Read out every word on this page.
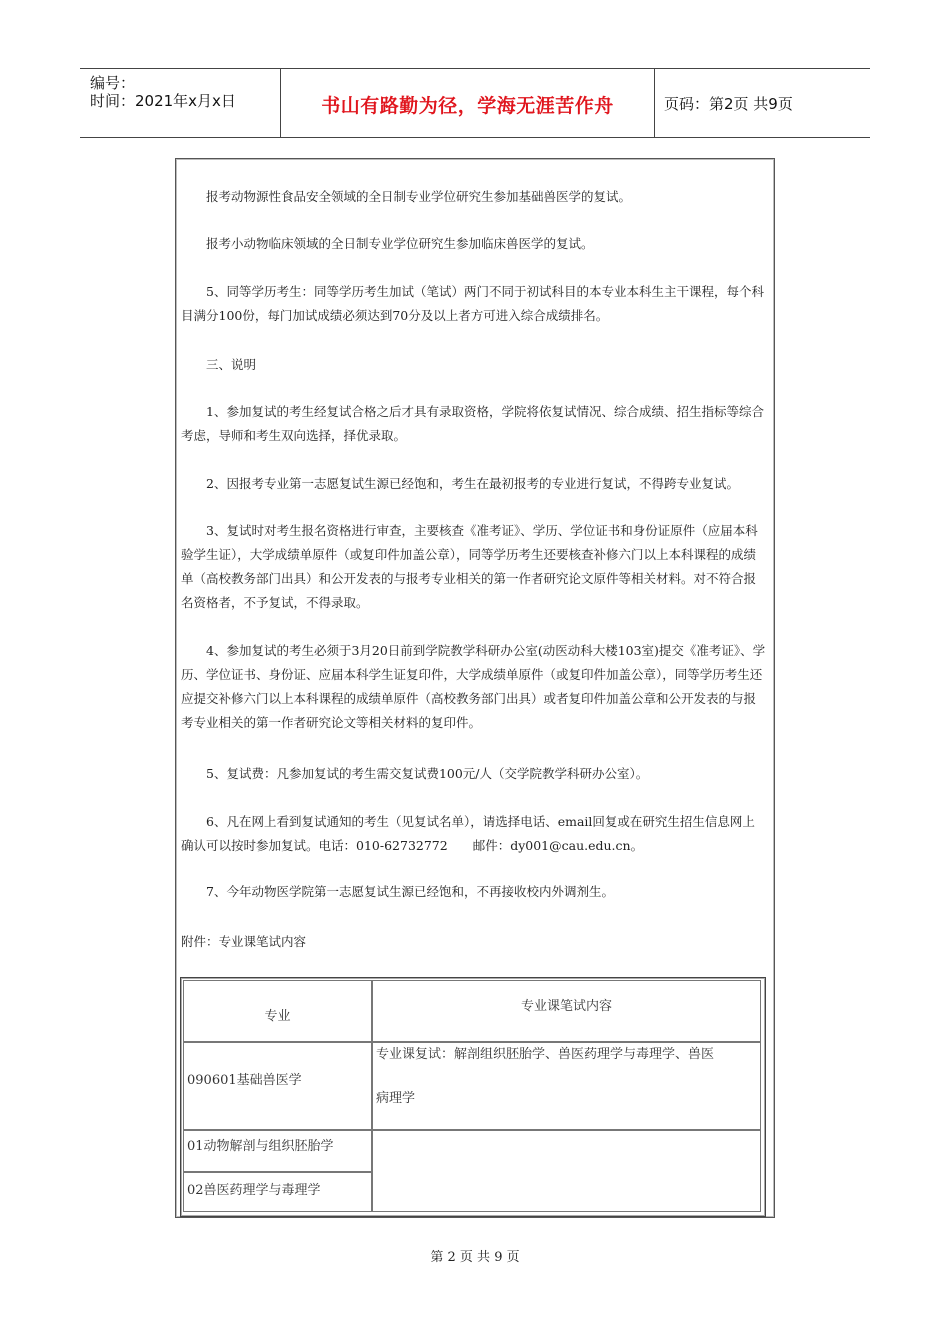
编号：
时间：2021年x月x日	书山有路勤为径，学海无涯苦作舟	页码：第2页 共9页

报考动物源性食品安全领域的全日制专业学位研究生参加基础兽医学的复试。

报考小动物临床领域的全日制专业学位研究生参加临床兽医学的复试。

5、同等学历考生：同等学历考生加试（笔试）两门不同于初试科目的本专业本科生主干课程，每个科目满分100份，每门加试成绩必须达到70分及以上者方可进入综合成绩排名。

三、说明

1、参加复试的考生经复试合格之后才具有录取资格，学院将依复试情况、综合成绩、招生指标等综合考虑，导师和考生双向选择，择优录取。

2、因报考专业第一志愿复试生源已经饱和，考生在最初报考的专业进行复试，不得跨专业复试。

3、复试时对考生报名资格进行审查，主要核查《准考证》、学历、学位证书和身份证原件（应届本科验学生证），大学成绩单原件（或复印件加盖公章），同等学历考生还要核查补修六门以上本科课程的成绩单（高校教务部门出具）和公开发表的与报考专业相关的第一作者研究论文原件等相关材料。对不符合报名资格者，不予复试，不得录取。

4、参加复试的考生必须于3月20日前到学院教学科研办公室(动医动科大楼103室)提交《准考证》、学历、学位证书、身份证、应届本科学生证复印件，大学成绩单原件（或复印件加盖公章），同等学历考生还应提交补修六门以上本科课程的成绩单原件（高校教务部门出具）或者复印件加盖公章和公开发表的与报考专业相关的第一作者研究论文等相关材料的复印件。

5、复试费：凡参加复试的考生需交复试费100元/人（交学院教学科研办公室）。

6、凡在网上看到复试通知的考生（见复试名单），请选择电话、email回复或在研究生招生信息网上确认可以按时参加复试。电话：010-62732772　　邮件：dy001@cau.edu.cn。

7、今年动物医学院第一志愿复试生源已经饱和，不再接收校内外调剂生。

附件：专业课笔试内容

专业
专业课笔试内容
090601基础兽医学
专业课复试：解剖组织胚胎学、兽医药理学与毒理学、兽医
病理学
01动物解剖与组织胚胎学
02兽医药理学与毒理学
第 2 页 共 9 页
